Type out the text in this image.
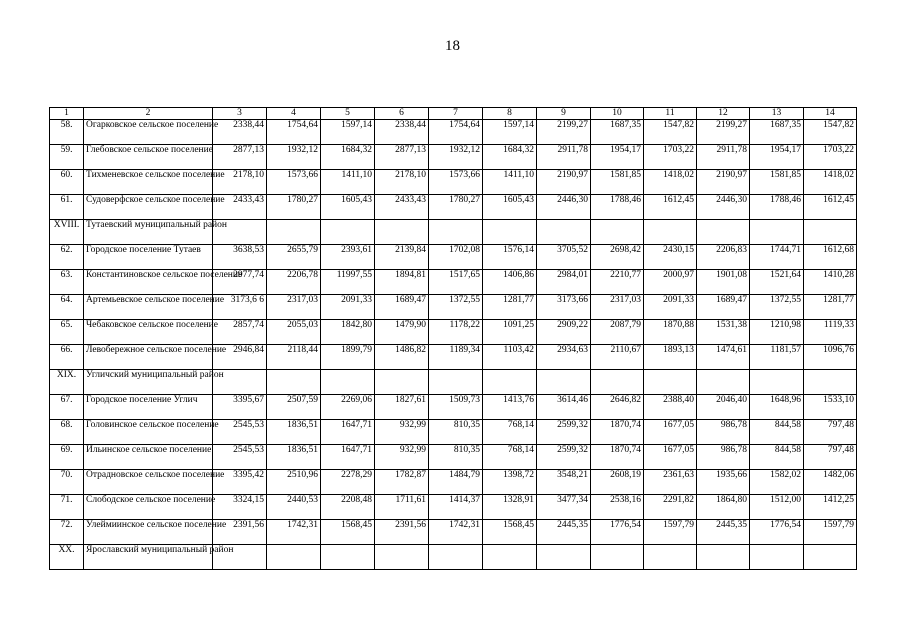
18
1	2	3	4	5	6	7	8	9	10	11	12	13	14
58.	Огарковское сельское поселение	2338,44	1754,64	1597,14	2338,44	1754,64	1597,14	2199,27	1687,35	1547,82	2199,27	1687,35	1547,82
59.	Глебовское сельское поселение	2877,13	1932,12	1684,32	2877,13	1932,12	1684,32	2911,78	1954,17	1703,22	2911,78	1954,17	1703,22
60.	Тихменевское сельское поселение	2178,10	1573,66	1411,10	2178,10	1573,66	1411,10	2190,97	1581,85	1418,02	2190,97	1581,85	1418,02
61.	Судоверфское сельское поселение	2433,43	1780,27	1605,43	2433,43	1780,27	1605,43	2446,30	1788,46	1612,45	2446,30	1788,46	1612,45
XVIII.	Тутаевский муниципальный район												
62.	Городское поселение Тутаев	3638,53	2655,79	2393,61	2139,84	1702,08	1576,14	3705,52	2698,42	2430,15	2206,83	1744,71	1612,68
63.	Константиновское сельское поселение	2977,74	2206,78	11997,55	1894,81	1517,65	1406,86	2984,01	2210,77	2000,97	1901,08	1521,64	1410,28
64.	Артемьевское сельское поселение	3173,6 6	2317,03	2091,33	1689,47	1372,55	1281,77	3173,66	2317,03	2091,33	1689,47	1372,55	1281,77
65.	Чебаковское сельское поселение	2857,74	2055,03	1842,80	1479,90	1178,22	1091,25	2909,22	2087,79	1870,88	1531,38	1210,98	1119,33
66.	Левобережное сельское поселение	2946,84	2118,44	1899,79	1486,82	1189,34	1103,42	2934,63	2110,67	1893,13	1474,61	1181,57	1096,76
XIX.	Угличский муниципальный район												
67.	Городское поселение Углич	3395,67	2507,59	2269,06	1827,61	1509,73	1413,76	3614,46	2646,82	2388,40	2046,40	1648,96	1533,10
68.	Головинское сельское поселение	2545,53	1836,51	1647,71	932,99	810,35	768,14	2599,32	1870,74	1677,05	986,78	844,58	797,48
69.	Ильинское сельское поселение	2545,53	1836,51	1647,71	932,99	810,35	768,14	2599,32	1870,74	1677,05	986,78	844,58	797,48
70.	Отрадновское сельское поселение	3395,42	2510,96	2278,29	1782,87	1484,79	1398,72	3548,21	2608,19	2361,63	1935,66	1582,02	1482,06
71.	Слободское сельское поселение	3324,15	2440,53	2208,48	1711,61	1414,37	1328,91	3477,34	2538,16	2291,82	1864,80	1512,00	1412,25
72.	Улеймиинское сельское поселение	2391,56	1742,31	1568,45	2391,56	1742,31	1568,45	2445,35	1776,54	1597,79	2445,35	1776,54	1597,79
XX.	Ярославский муниципальный район												
